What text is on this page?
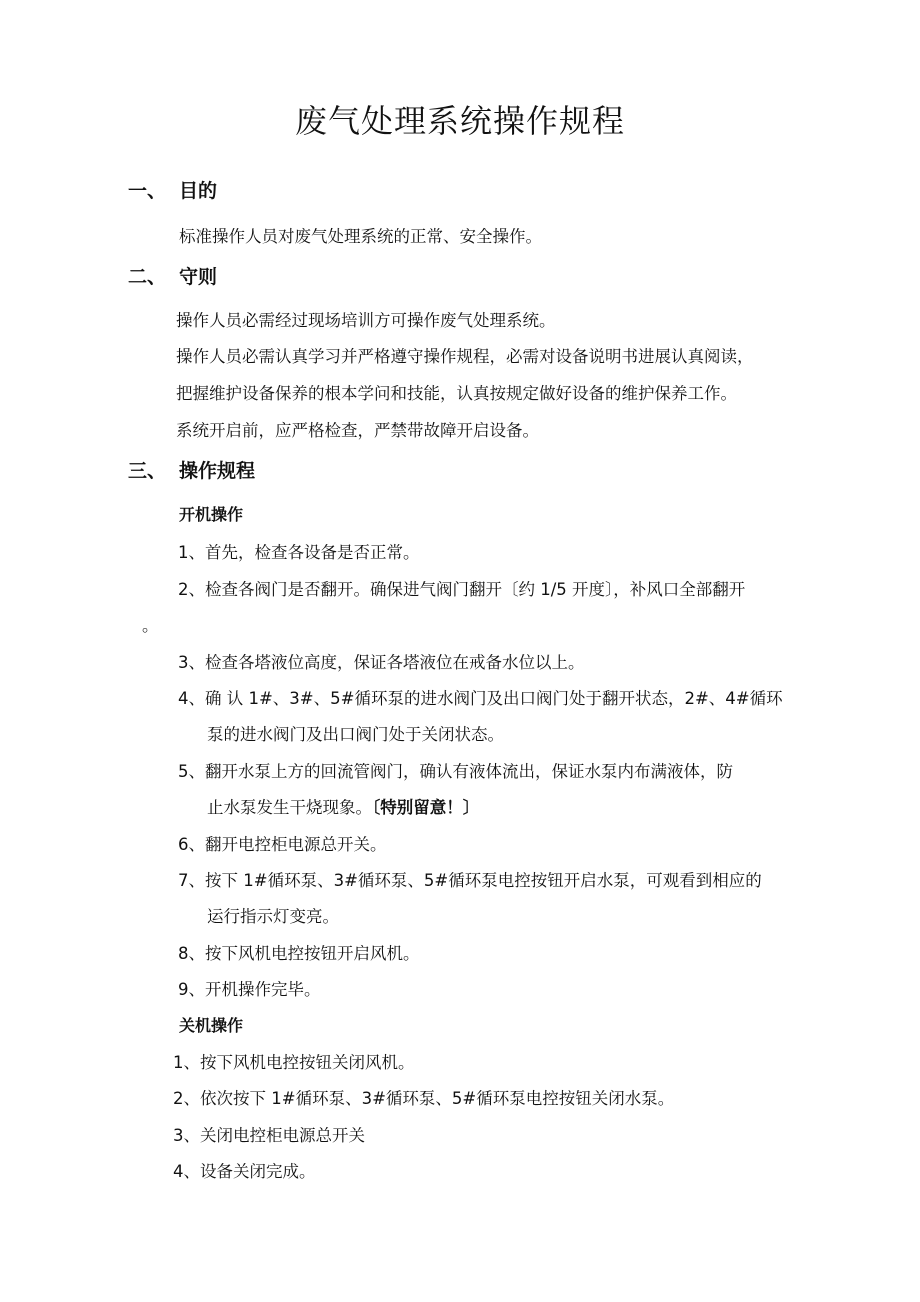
废气处理系统操作规程
一、 目的
标准操作人员对废气处理系统的正常、安全操作。
二、 守则
操作人员必需经过现场培训方可操作废气处理系统。
操作人员必需认真学习并严格遵守操作规程，必需对设备说明书进展认真阅读，
把握维护设备保养的根本学问和技能，认真按规定做好设备的维护保养工作。
系统开启前，应严格检查，严禁带故障开启设备。
三、 操作规程
开机操作
1、首先，检查各设备是否正常。
2、检查各阀门是否翻开。确保进气阀门翻开〔约 1/5 开度〕，补风口全部翻开
。
3、检查各塔液位高度，保证各塔液位在戒备水位以上。
4、确 认 1#、3#、5#循环泵的进水阀门及出口阀门处于翻开状态，2#、4#循环
泵的进水阀门及出口阀门处于关闭状态。
5、翻开水泵上方的回流管阀门，确认有液体流出，保证水泵内布满液体，防
止水泵发生干烧现象。〔特别留意！〕
6、翻开电控柜电源总开关。
7、按下 1#循环泵、3#循环泵、5#循环泵电控按钮开启水泵，可观看到相应的
运行指示灯变亮。
8、按下风机电控按钮开启风机。
9、开机操作完毕。
关机操作
1、按下风机电控按钮关闭风机。
2、依次按下 1#循环泵、3#循环泵、5#循环泵电控按钮关闭水泵。
3、关闭电控柜电源总开关
4、设备关闭完成。
